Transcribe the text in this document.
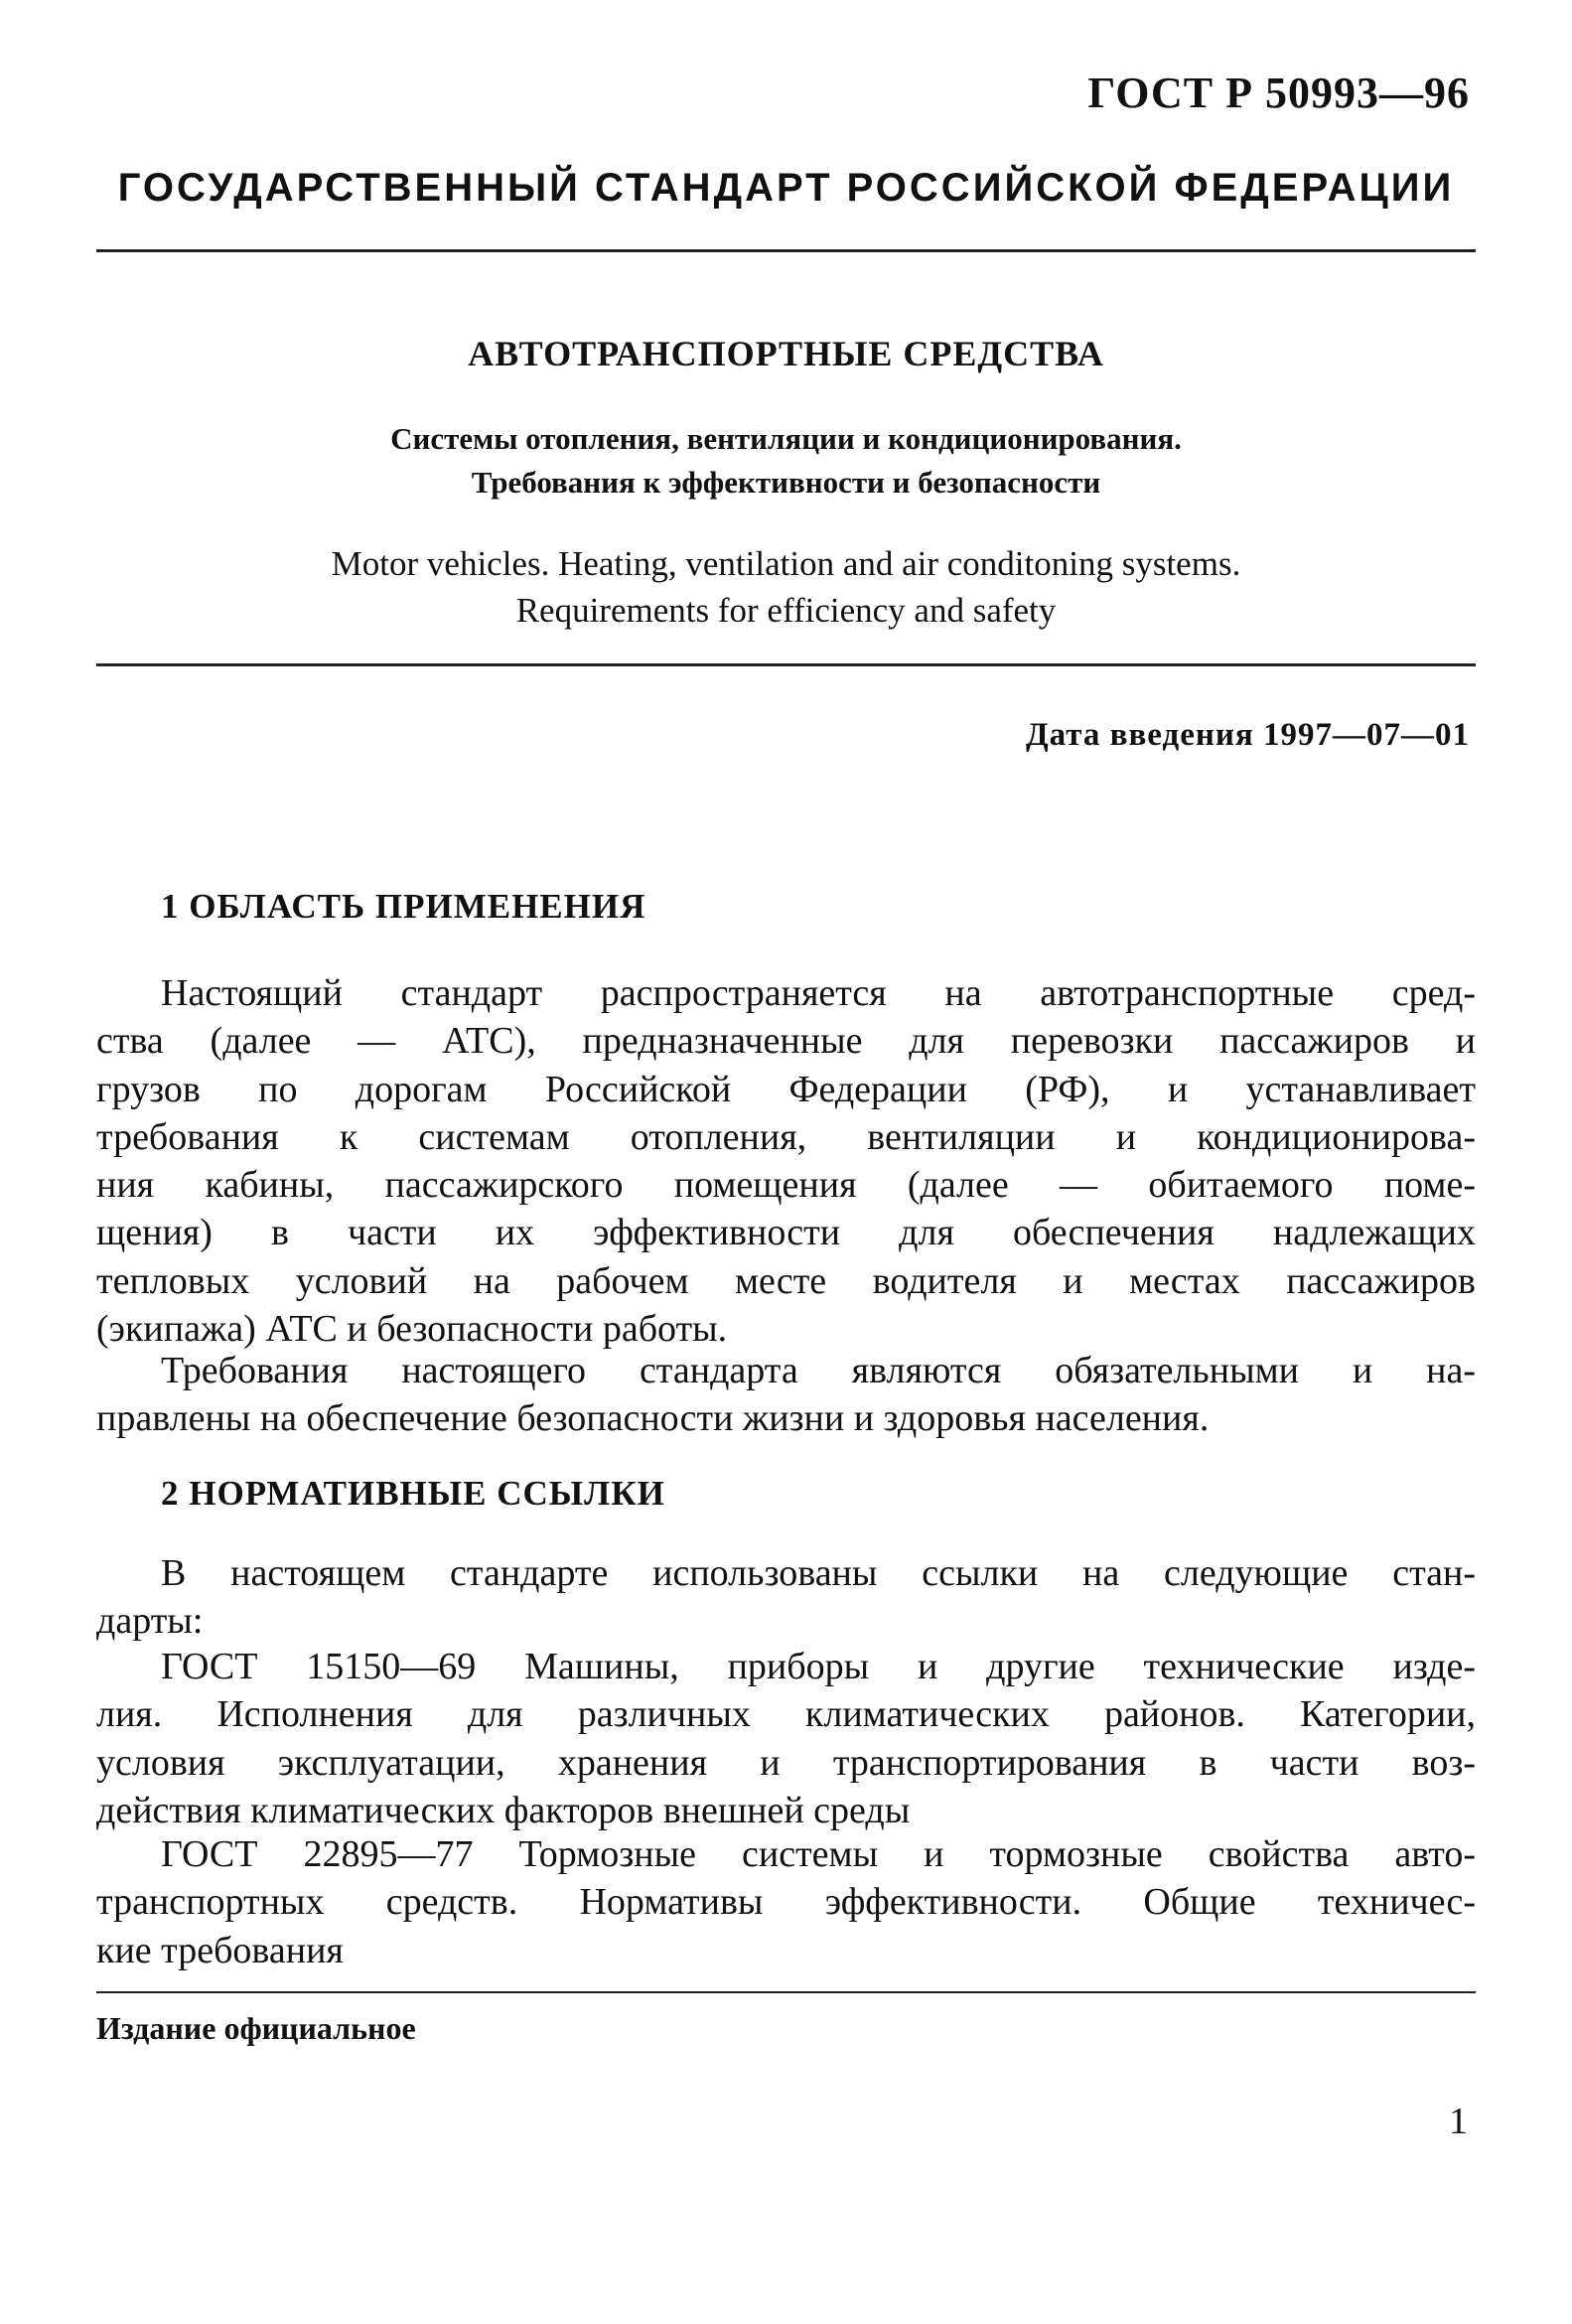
ГОСТ Р 50993—96
ГОСУДАРСТВЕННЫЙ СТАНДАРТ РОССИЙСКОЙ ФЕДЕРАЦИИ
АВТОТРАНСПОРТНЫЕ СРЕДСТВА
Системы отопления, вентиляции и кондиционирования.
Требования к эффективности и безопасности
Motor vehicles. Heating, ventilation and air conditoning systems.
Requirements for efficiency and safety
Дата введения 1997—07—01
1 ОБЛАСТЬ ПРИМЕНЕНИЯ
Настоящий стандарт распространяется на автотранспортные сред-
ства (далее — АТС), предназначенные для перевозки пассажиров и
грузов по дорогам Российской Федерации (РФ), и устанавливает
требования к системам отопления, вентиляции и кондиционирова-
ния кабины, пассажирского помещения (далее — обитаемого поме-
щения) в части их эффективности для обеспечения надлежащих
тепловых условий на рабочем месте водителя и местах пассажиров
(экипажа) АТС и безопасности работы.
Требования настоящего стандарта являются обязательными и на-
правлены на обеспечение безопасности жизни и здоровья населения.
2 НОРМАТИВНЫЕ ССЫЛКИ
В настоящем стандарте использованы ссылки на следующие стан-
дарты:
ГОСТ 15150—69 Машины, приборы и другие технические изде-
лия. Исполнения для различных климатических районов. Категории,
условия эксплуатации, хранения и транспортирования в части воз-
действия климатических факторов внешней среды
ГОСТ 22895—77 Тормозные системы и тормозные свойства авто-
транспортных средств. Нормативы эффективности. Общие техничес-
кие требования
Издание официальное
1
